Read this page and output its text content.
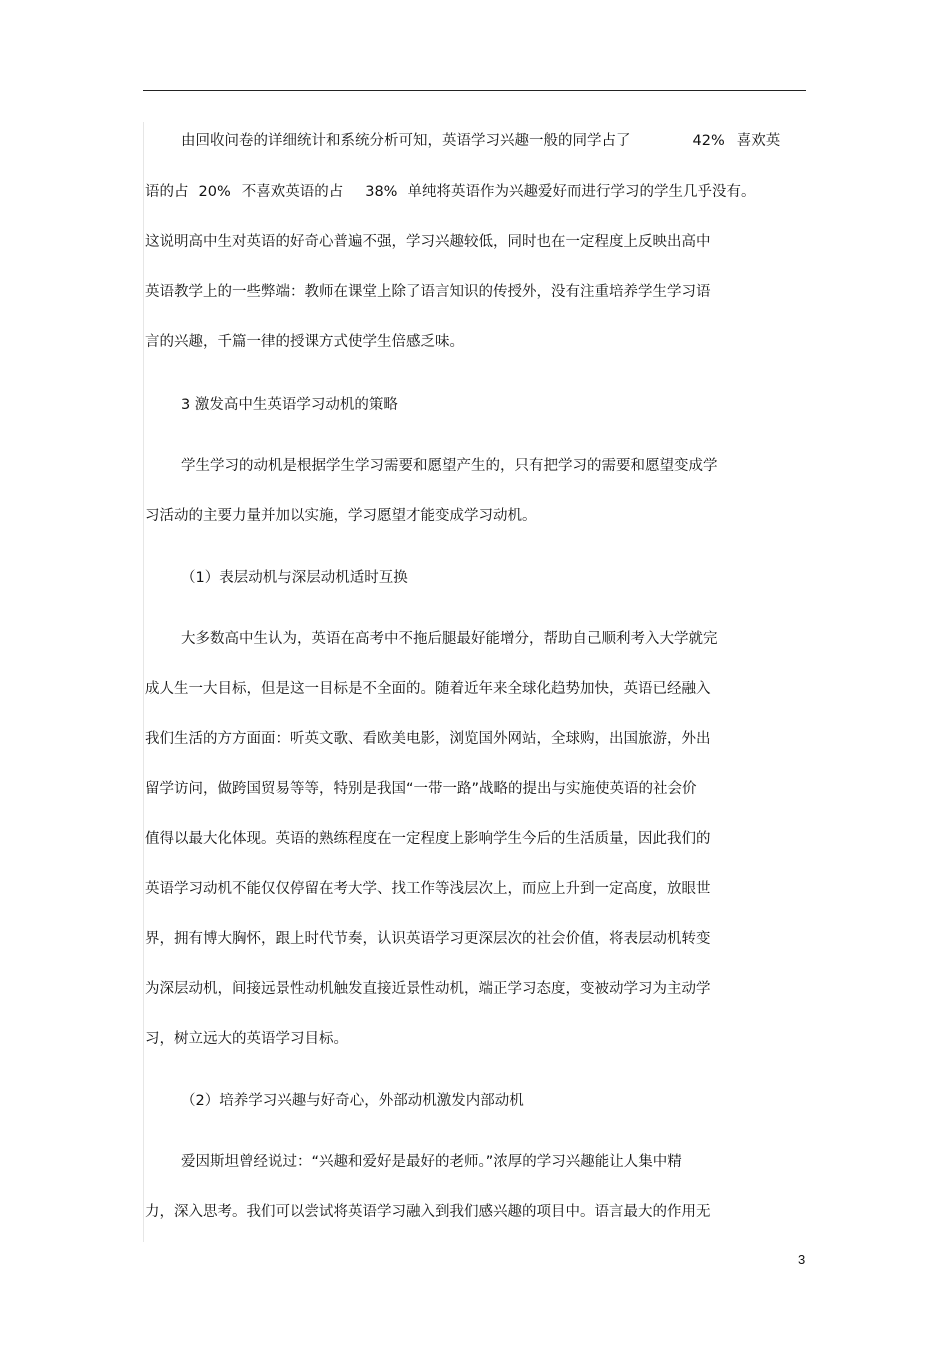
由回收问卷的详细统计和系统分析可知，英语学习兴趣一般的同学占了	42% 喜欢英
语的占 20% 不喜欢英语的占 38% 单纯将英语作为兴趣爱好而进行学习的学生几乎没有。
这说明高中生对英语的好奇心普遍不强，学习兴趣较低，同时也在一定程度上反映出高中
英语教学上的一些弊端：教师在课堂上除了语言知识的传授外，没有注重培养学生学习语
言的兴趣，千篇一律的授课方式使学生倍感乏味。
3 激发高中生英语学习动机的策略
学生学习的动机是根据学生学习需要和愿望产生的，只有把学习的需要和愿望变成学
习活动的主要力量并加以实施，学习愿望才能变成学习动机。
（1）表层动机与深层动机适时互换
大多数高中生认为，英语在高考中不拖后腿最好能增分，帮助自己顺利考入大学就完
成人生一大目标，但是这一目标是不全面的。随着近年来全球化趋势加快，英语已经融入
我们生活的方方面面：听英文歌、看欧美电影，浏览国外网站，全球购，出国旅游，外出
留学访问，做跨国贸易等等，特别是我国“一带一路”战略的提出与实施使英语的社会价
值得以最大化体现。英语的熟练程度在一定程度上影响学生今后的生活质量，因此我们的
英语学习动机不能仅仅停留在考大学、找工作等浅层次上，而应上升到一定高度，放眼世
界，拥有博大胸怀，跟上时代节奏，认识英语学习更深层次的社会价值，将表层动机转变
为深层动机，间接远景性动机触发直接近景性动机，端正学习态度，变被动学习为主动学
习，树立远大的英语学习目标。
（2）培养学习兴趣与好奇心，外部动机激发内部动机
爱因斯坦曾经说过：“兴趣和爱好是最好的老师。”浓厚的学习兴趣能让人集中精
力，深入思考。我们可以尝试将英语学习融入到我们感兴趣的项目中。语言最大的作用无
3
